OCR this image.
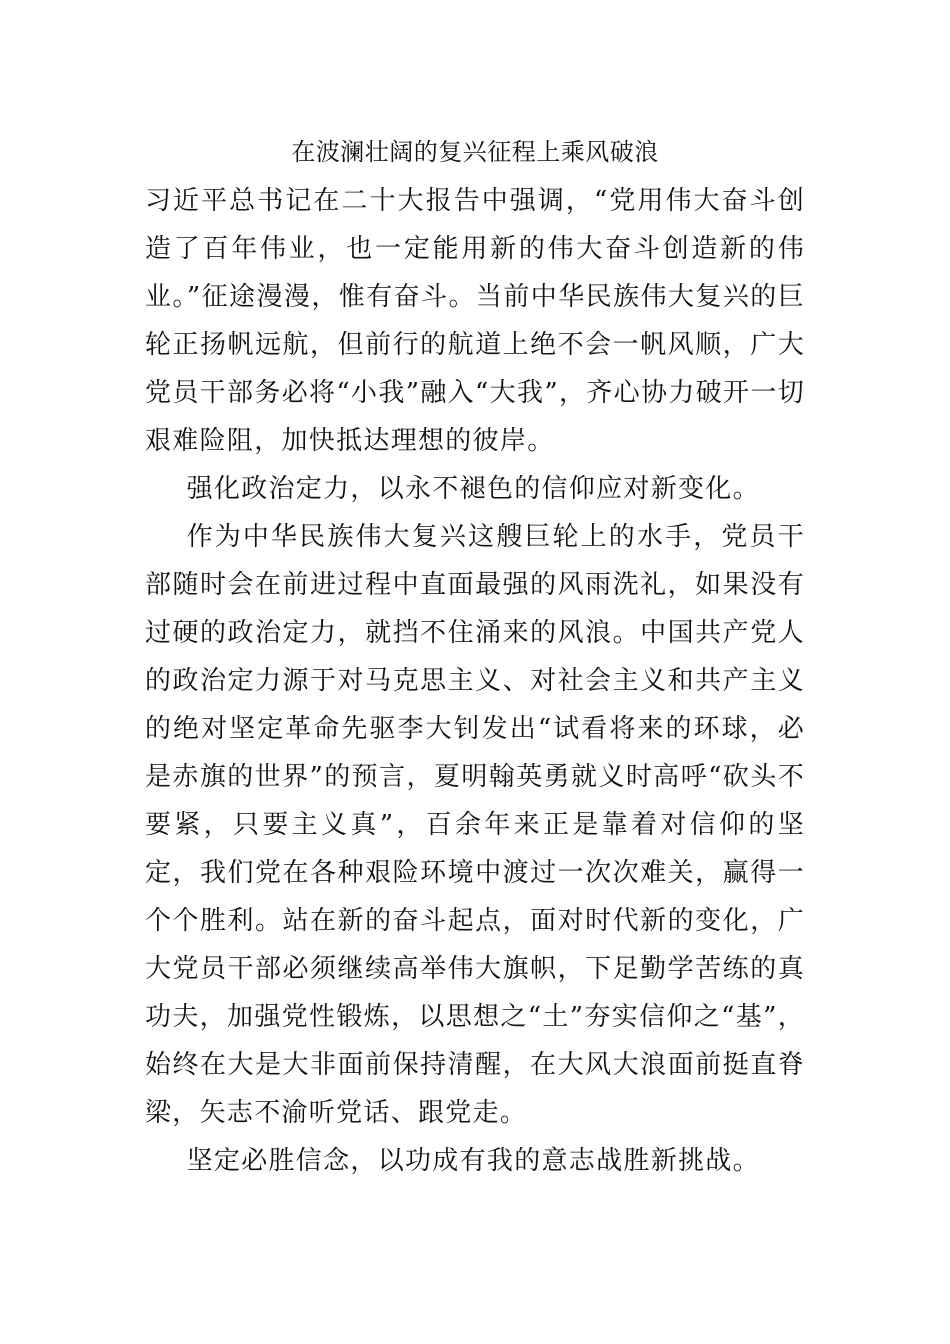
在波澜壮阔的复兴征程上乘风破浪

习近平总书记在二十大报告中强调，“党用伟大奋斗创造了百年伟业，也一定能用新的伟大奋斗创造新的伟业。”征途漫漫，惟有奋斗。当前中华民族伟大复兴的巨轮正扬帆远航，但前行的航道上绝不会一帆风顺，广大党员干部务必将“小我”融入“大我”，齐心协力破开一切艰难险阻，加快抵达理想的彼岸。

强化政治定力，以永不褪色的信仰应对新变化。

作为中华民族伟大复兴这艘巨轮上的水手，党员干部随时会在前进过程中直面最强的风雨洗礼，如果没有过硬的政治定力，就挡不住涌来的风浪。中国共产党人的政治定力源于对马克思主义、对社会主义和共产主义的绝对坚定革命先驱李大钊发出“试看将来的环球，必是赤旗的世界”的预言，夏明翰英勇就义时高呼“砍头不要紧，只要主义真”，百余年来正是靠着对信仰的坚定，我们党在各种艰险环境中渡过一次次难关，赢得一个个胜利。站在新的奋斗起点，面对时代新的变化，广大党员干部必须继续高举伟大旗帜，下足勤学苦练的真功夫，加强党性锻炼，以思想之“土”夯实信仰之“基”，始终在大是大非面前保持清醒，在大风大浪面前挺直脊梁，矢志不渝听党话、跟党走。

坚定必胜信念，以功成有我的意志战胜新挑战。
